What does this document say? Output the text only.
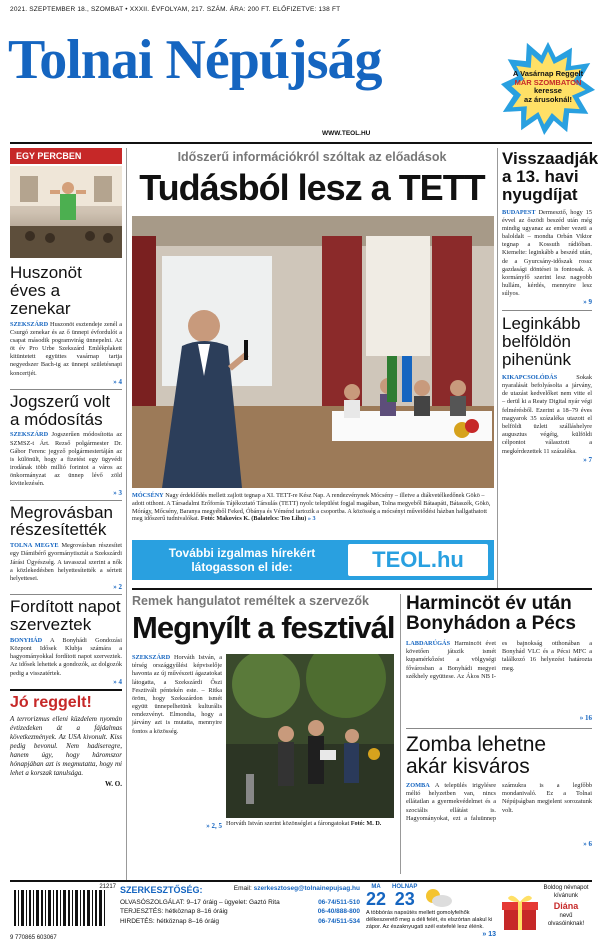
2021. SZEPTEMBER 18., SZOMBAT • XXXII. ÉVFOLYAM, 217. SZÁM. ÁRA: 200 FT. ELŐFIZETVE: 138 FT
Tolnai Népújság
WWW.TEOL.HU
A Vasárnap Reggelt
MÁR SZOMBATON
keresse
az árusoknál!
EGY PERCBEN
Huszonöt éves a zenekar
SZEKSZÁRD Huszonöt esztendeje zenél a Csurgó zenekar és az ő ünnepi évfordulót a csapat második pogramvirág ünnepelni. Az öt év Pro Urbe Szekszárd Emlékplakett kitüntetett együttes vasárnap tartja negyedszer Bach-ig az ünnepi születésnapi koncertjét.
» 4
Jogszerű volt a módosítás
SZEKSZÁRD Jogszerűen módosította az SZMSZ-t Árt. Rezső polgármester Dr. Gábor Ferenc jegyző polgármestertáján az is különült, hogy a fizetést egy ügyvédi irodának több millió forintot a város az önkormányzat az ünnep lévő zöld kivitelezésén.
» 3
Megrovásban részesítették
TOLNA MEGYE Megrovásban részesítet egy Dámibérő gyormánytisztát a Szekszárdi Járási Ügyészség. A tavasszal szerint a nők a közlekedésben helyettesítették a sértett helyettesei.
» 2
Fordított napot szerveztek
BONYHÁD A Bonyhádi Gondozási Központ Idősek Klubja számára a hagyományokkal fordított napot szerveztek. Az idősek lehettek a gondozók, az dolgozók pedig a visszatértek.
» 4
Jó reggelt!
A terrorizmus elleni küzdelem nyomán évtizedeken át a fájdalmas következmények. Az USA kivonult. Kiss pedig bevonul. Nem hadiseregre, hanem úgy, hogy háromszor hónapjában azt is megmutatta, hogy mi lehet a korszak tanulsága.
W. O.
Időszerű információkról szóltak az előadások
Tudásból lesz a TETT
MÓCSÉNY Nagy érdeklődés mellett zajlott tegnap a XI. TETT-re Kész Nap. A rendezvénynek Mócsény – illetve a diákvetélkedőnek Gökö – adott otthont. A Társadalmi Erőforrás Tájékoztató Társulás (TETT) nyolc települést fogjal magában, Tolna megyeből Bátaapáti, Bátaszék, Gökö, Mórágy, Mőcsény, Baranya megyéből Feked, Óbánya és Véménd tartozik a csoportba. A közösség a mócsényi műveiődési házban hallgathatott meg időszerű tudnivalókat. Fotó: Makovics K. (Balatelcs: Teo Lihu) » 3
További izgalmas hírekért
látogasson el ide:	TEOL.hu
Visszaadják a 13. havi nyugdíjat
BUDAPEST Dermesztő, hogy 15 évvel az őszödi beszéd után még mindig ugyanaz az ember vezeti a baloldalt – mondta Orbán Viktor tegnap a Kossuth rádióban. Kiemelte: leginkább a beszéd után, de a Gyurcsány-időszak rossz gazdasági döntései is fontosak. A kormányfő szerint lesz nagyobb hullám, kérdés, mennyire lesz súlyos.
» 9
Leginkább belföldön pihenünk
KIKAPCSOLÓDÁS	Sokak nyaralását befolyásolta a járvány, de utazást kedvelőket nem vitte el – derül ki a Reaty Digital nyár végi felmérésből. Ezerint a 18–79 éves magyarok 35 százaléka utazott el belföldi üzleti szálláshelyre augusztus végéig, külföldi célpontot választott a megkérdezettek 11 százaléka.
» 7
Remek hangulatot reméltek a szervezők
Megnyílt a fesztivál
SZEKSZÁRD Horváth István, a térség országgyűlési képviselője havonta az új művészeti ágazatokat látogatta, a Szekszárdi Őszi Fesztivált péntekén este. – Ritka öröm, hogy Szekszárdon ismét együtt ünnepelhetünk kulturális rendezvényt. Elmondta, hogy a járvány azt is mutatta, mennyire fontos a közösség.
» 2, 5 Horváth István szerint közönséglet a fárongatokat Fotó: M. D.
Harmincöt év után Bonyhádon a Pécs
LABDARÚGÁS Harmincöt évet követően játszik ismét kupamérkőzést a völgységi fővárosban a Bonyhádi megyei székhely együttese. Az Ákos NB I-es bajnokság otthonában a Bonyhád VLC és a Pécsi MFC a találkozó 16 helyezést határozta meg.
» 16
Zomba lehetne akár kisváros
ZOMBA A település irigylésre méltó helyzetben van, nincs ellátatlan a gyermekvédelmet és a szociális ellátást is. Hagyományokat, ezt a faluünnep számukra is a legfőbb mondanivaló. Ez a Tolnai Népújságban megjelent sorozatunk volt.
» 6
21217
9 770865 603067
SZERKESZTŐSÉG:	Email: szerkesztoseg@tolnainepujsag.hu
OLVASÓSZOLGÁLAT: 9–17 óráig – ügyelet: Gaztó Rita	06-74/511-510
TERJESZTÉS: hétköznap 8–16 óráig	06-40/888-800
HIRDETÉS: hétköznap 8–16 óráig	06-74/511-534
MA
22
HOLNAP
23
A többórás napsütés mellett gomolyfelhők délkeszerető meg a déli felét, és elszórtan alakul ki zápor. Az északnyugati szél estefelé lesz élénk.
» 13
Boldog névnapot
kívánunk
Diána
nevű
olvasóinknak!
